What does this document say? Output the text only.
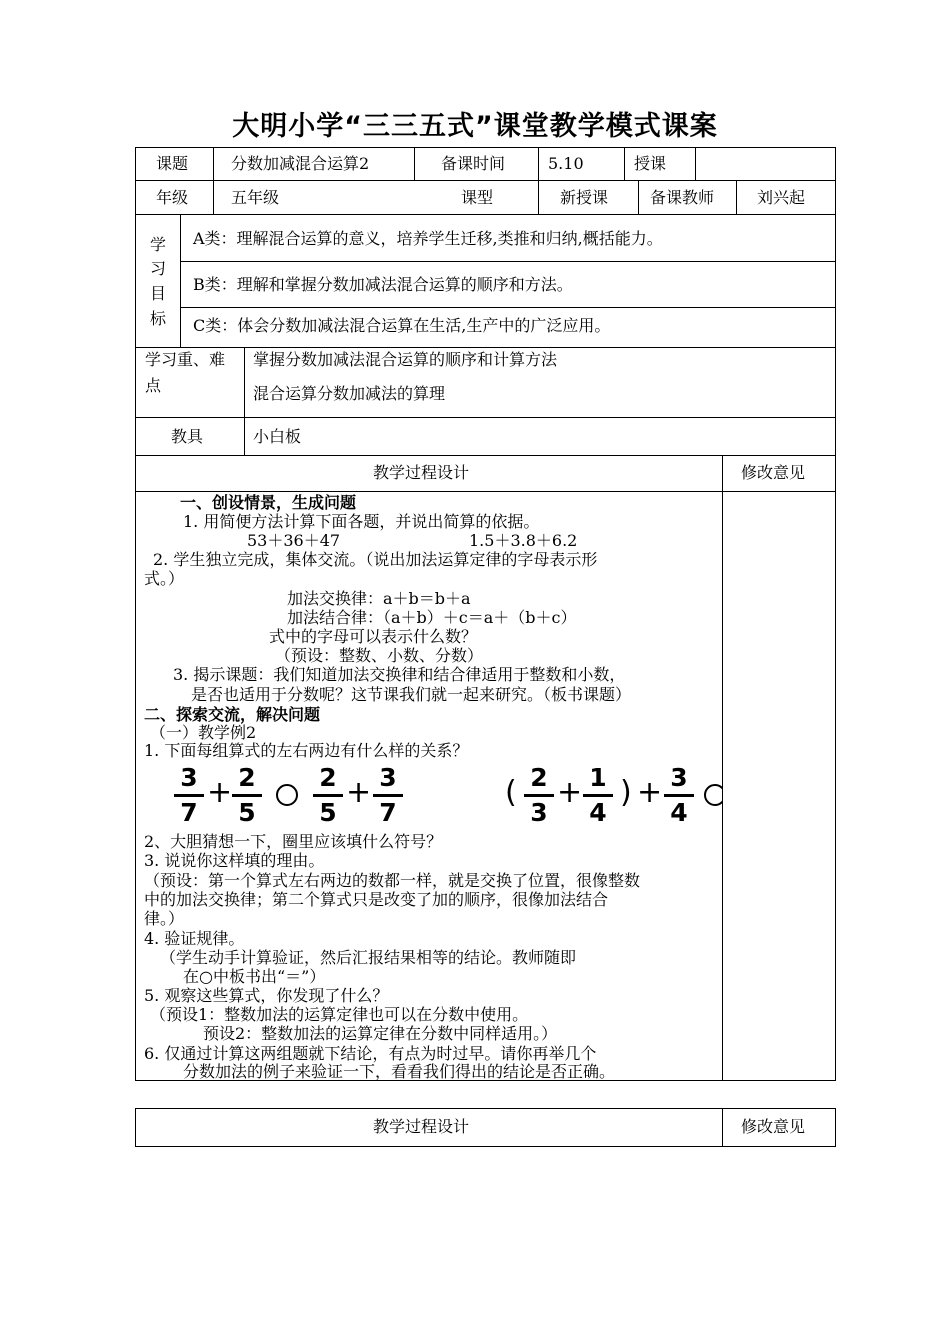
大明小学“三三五式”课堂教学模式课案
课题	分数加减混合运算2	备课时间	5.10	授课
年级	五年级	课型	新授课	备课教师	刘兴起
学
习
目
标
A类：理解混合运算的意义，培养学生迁移,类推和归纳,概括能力。
B类：理解和掌握分数加减法混合运算的顺序和方法。
C类：体会分数加减法混合运算在生活,生产中的广泛应用。
学习重、难
点
掌握分数加减法混合运算的顺序和计算方法
混合运算分数加减法的算理
教具	小白板
教学过程设计	修改意见
一、创设情景，生成问题
1. 用简便方法计算下面各题，并说出简算的依据。
53＋36＋47	1.5＋3.8＋6.2
2. 学生独立完成，集体交流。（说出加法运算定律的字母表示形
式。）
加法交换律：a＋b＝b＋a
加法结合律：（a＋b）＋c＝a＋（b＋c）
式中的字母可以表示什么数？
（预设：整数、小数、分数）
3. 揭示课题：我们知道加法交换律和结合律适用于整数和小数，
是否也适用于分数呢？这节课我们就一起来研究。（板书课题）
二、探索交流，解决问题
（一）教学例2
1. 下面每组算式的左右两边有什么样的关系？
3
7
+ 2
5
2
5
+ 3
7
( 2
3
+ 1
4
) + 3
4
2、大胆猜想一下，圈里应该填什么符号？
3. 说说你这样填的理由。
（预设：第一个算式左右两边的数都一样，就是交换了位置，很像整数
中的加法交换律；第二个算式只是改变了加的顺序，很像加法结合
律。）
4. 验证规律。
（学生动手计算验证，然后汇报结果相等的结论。教师随即
在○中板书出“＝”）
5. 观察这些算式，你发现了什么？
（预设1：整数加法的运算定律也可以在分数中使用。
预设2：整数加法的运算定律在分数中同样适用。）
6. 仅通过计算这两组题就下结论，有点为时过早。请你再举几个
分数加法的例子来验证一下，看看我们得出的结论是否正确。
教学过程设计	修改意见
